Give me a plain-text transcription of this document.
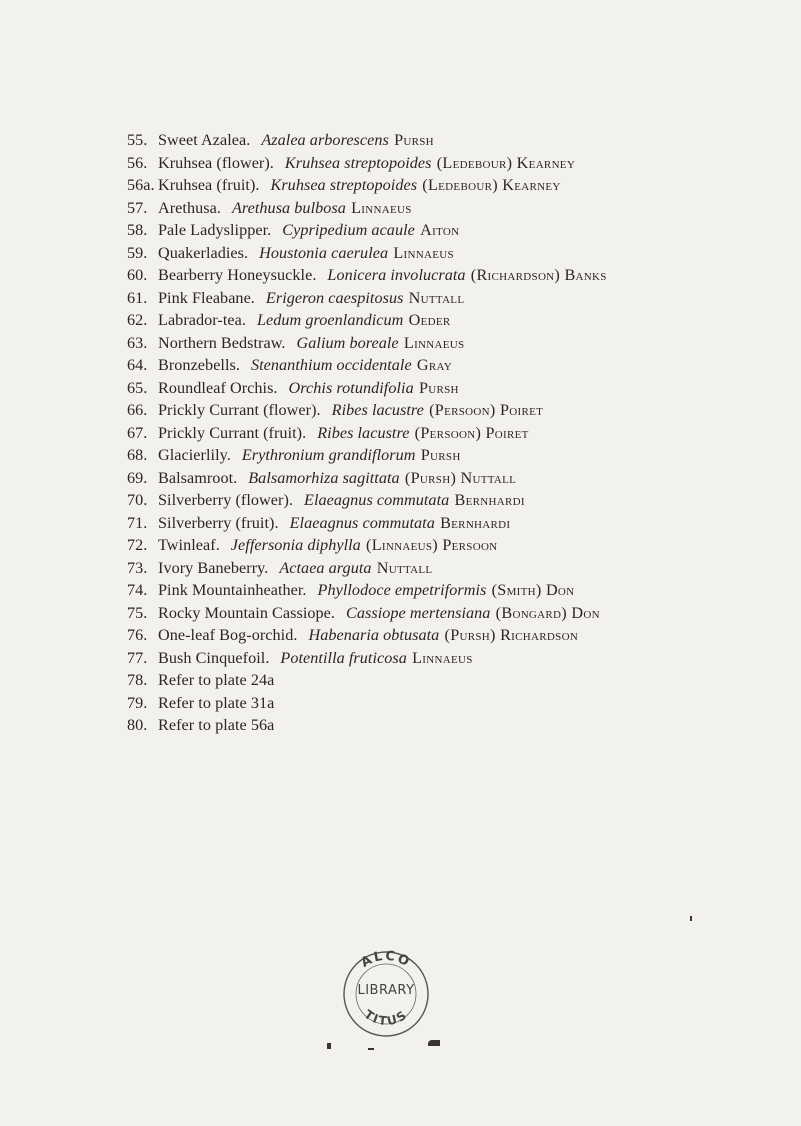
55. Sweet Azalea. Azalea arborescens Pursh
56. Kruhsea (flower). Kruhsea streptopoides (Ledebour) Kearney
56a. Kruhsea (fruit). Kruhsea streptopoides (Ledebour) Kearney
57. Arethusa. Arethusa bulbosa Linnaeus
58. Pale Ladyslipper. Cypripedium acaule Aiton
59. Quakerladies. Houstonia caerulea Linnaeus
60. Bearberry Honeysuckle. Lonicera involucrata (Richardson) Banks
61. Pink Fleabane. Erigeron caespitosus Nuttall
62. Labrador-tea. Ledum groenlandicum Oeder
63. Northern Bedstraw. Galium boreale Linnaeus
64. Bronzebells. Stenanthium occidentale Gray
65. Roundleaf Orchis. Orchis rotundifolia Pursh
66. Prickly Currant (flower). Ribes lacustre (Persoon) Poiret
67. Prickly Currant (fruit). Ribes lacustre (Persoon) Poiret
68. Glacierlily. Erythronium grandiflorum Pursh
69. Balsamroot. Balsamorhiza sagittata (Pursh) Nuttall
70. Silverberry (flower). Elaeagnus commutata Bernhardi
71. Silverberry (fruit). Elaeagnus commutata Bernhardi
72. Twinleaf. Jeffersonia diphylla (Linnaeus) Persoon
73. Ivory Baneberry. Actaea arguta Nuttall
74. Pink Mountainheather. Phyllodoce empetriformis (Smith) Don
75. Rocky Mountain Cassiope. Cassiope mertensiana (Bongard) Don
76. One-leaf Bog-orchid. Habenaria obtusata (Pursh) Richardson
77. Bush Cinquefoil. Potentilla fruticosa Linnaeus
78. Refer to plate 24a
79. Refer to plate 31a
80. Refer to plate 56a
ALCO
TITUS
LIBRARY
